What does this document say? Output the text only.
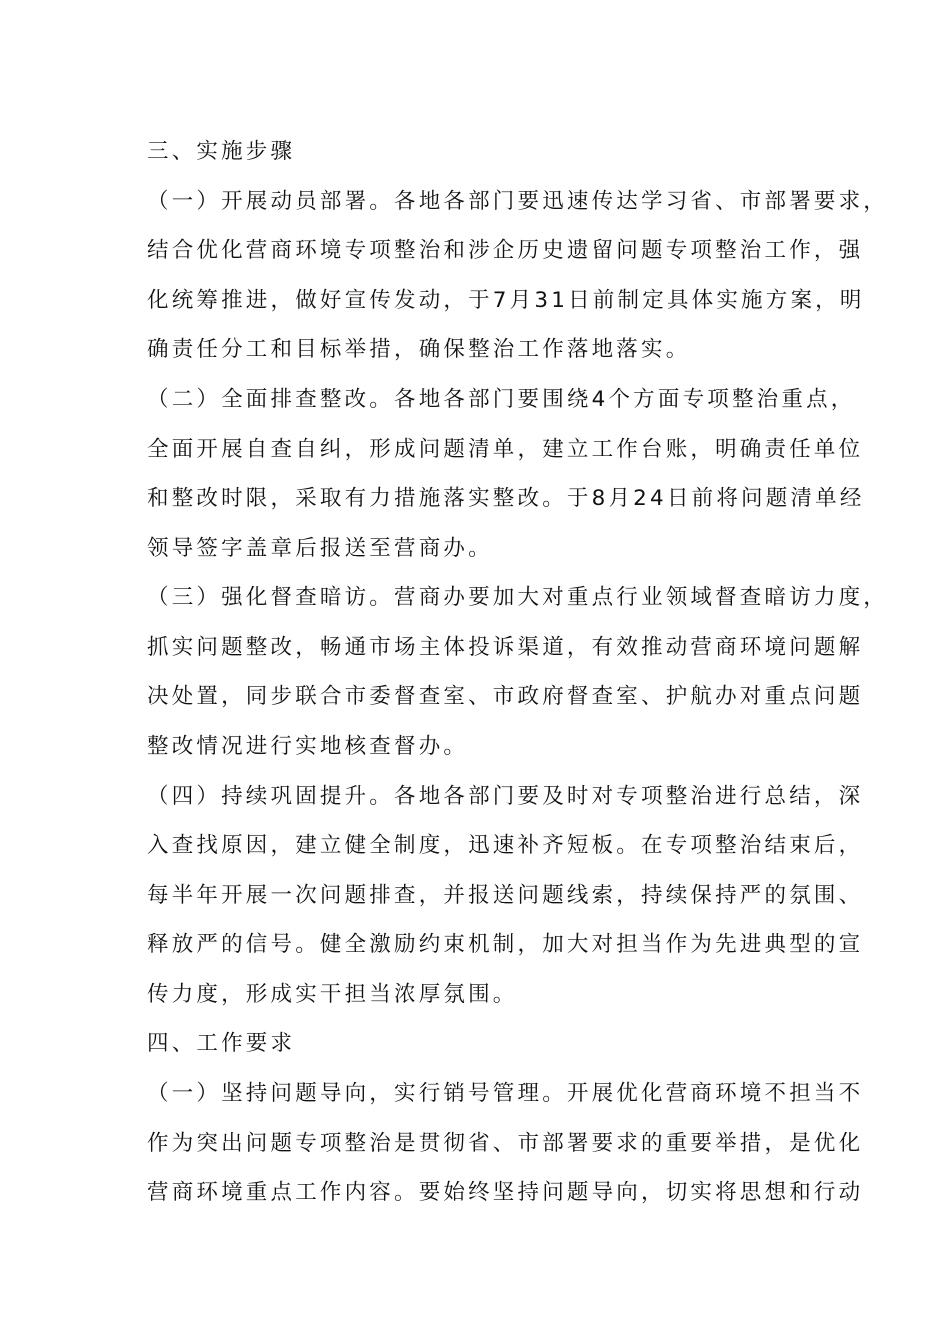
三、实施步骤

（一）开展动员部署。各地各部门要迅速传达学习省、市部署要求，

结合优化营商环境专项整治和涉企历史遗留问题专项整治工作，强

化统筹推进，做好宣传发动，于7月31日前制定具体实施方案，明

确责任分工和目标举措，确保整治工作落地落实。

（二）全面排查整改。各地各部门要围绕4个方面专项整治重点，

全面开展自查自纠，形成问题清单，建立工作台账，明确责任单位

和整改时限，采取有力措施落实整改。于8月24日前将问题清单经

领导签字盖章后报送至营商办。

（三）强化督查暗访。营商办要加大对重点行业领域督查暗访力度，

抓实问题整改，畅通市场主体投诉渠道，有效推动营商环境问题解

决处置，同步联合市委督查室、市政府督查室、护航办对重点问题

整改情况进行实地核查督办。

（四）持续巩固提升。各地各部门要及时对专项整治进行总结，深

入查找原因，建立健全制度，迅速补齐短板。在专项整治结束后，

每半年开展一次问题排查，并报送问题线索，持续保持严的氛围、

释放严的信号。健全激励约束机制，加大对担当作为先进典型的宣

传力度，形成实干担当浓厚氛围。

四、工作要求

（一）坚持问题导向，实行销号管理。开展优化营商环境不担当不

作为突出问题专项整治是贯彻省、市部署要求的重要举措，是优化

营商环境重点工作内容。要始终坚持问题导向，切实将思想和行动
